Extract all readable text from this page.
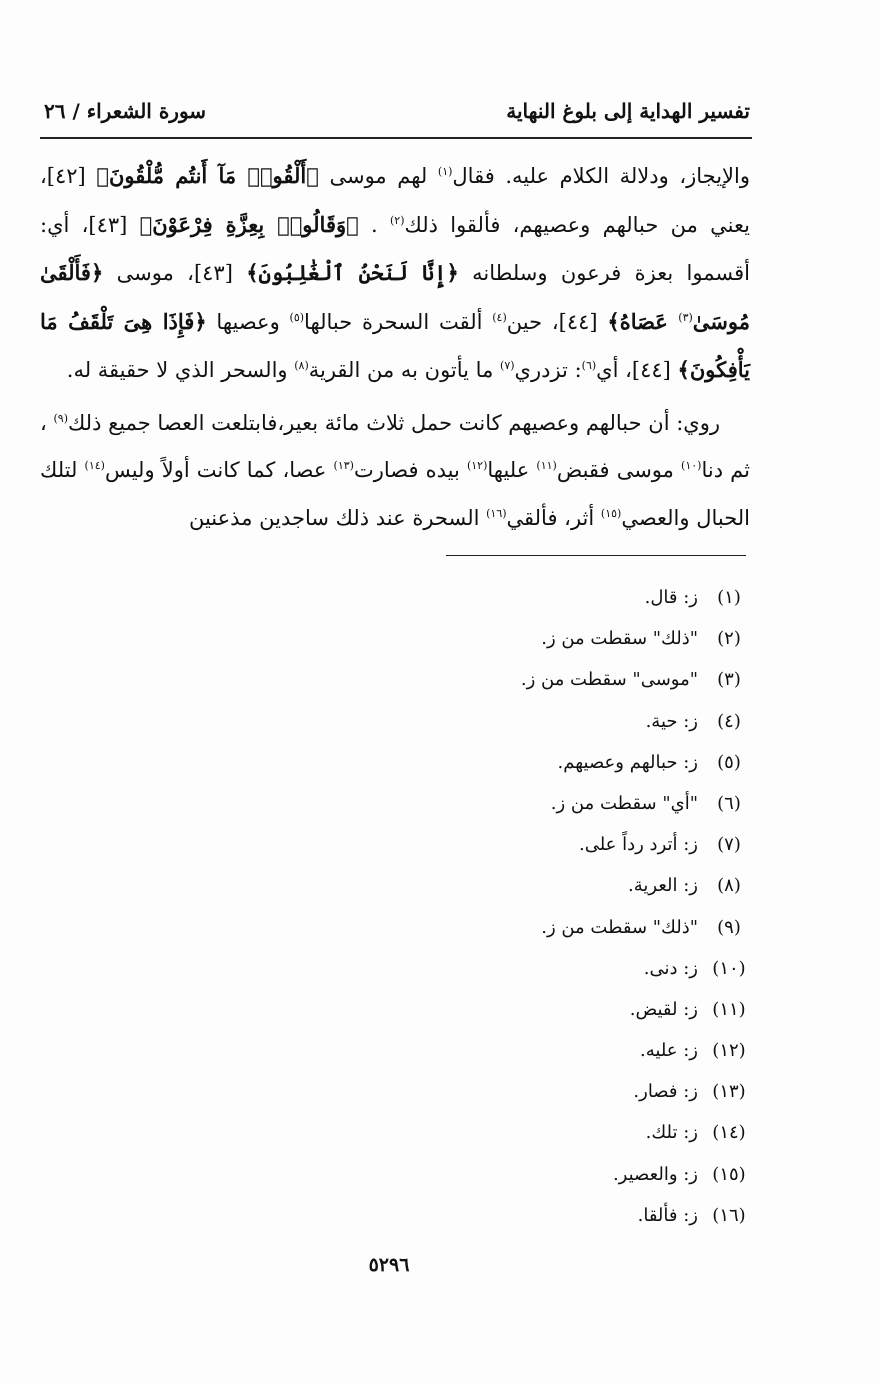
تفسير الهداية إلى بلوغ النهاية
سورة الشعراء / ٢٦

والإيجاز، ودلالة الكلام عليه. فقال$^{(١)}$ لهم موسى ﴿أَلْقُوا۟ مَآ أَنتُم مُّلْقُونَ﴾ [٤٢]، يعني من حبالهم وعصيهم، فألقوا ذلك$^{(٢)}$ . ﴿وَقَالُوا۟ بِعِزَّةِ فِرْعَوْنَ﴾ [٤٣]، أي: أقسموا بعزة فرعون وسلطانه ﴿إِنَّا لَنَحْنُ ٱلْغَٰلِبُونَ﴾ [٤٣]، موسى ﴿فَأَلْقَىٰ مُوسَىٰ$^{(٣)}$ عَصَاهُ﴾ [٤٤]، حين$^{(٤)}$ ألقت السحرة حبالها$^{(٥)}$ وعصيها ﴿فَإِذَا هِىَ تَلْقَفُ مَا يَأْفِكُونَ﴾ [٤٤]، أي$^{(٦)}$: تزدري$^{(٧)}$ ما يأتون به من القرية$^{(٨)}$ والسحر الذي لا حقيقة له.

روي: أن حبالهم وعصيهم كانت حمل ثلاث مائة بعير،فابتلعت العصا جميع ذلك$^{(٩)}$ ، ثم دنا$^{(١٠)}$ موسى فقبض$^{(١١)}$ عليها$^{(١٢)}$ بيده فصارت$^{(١٣)}$ عصا، كما كانت أولاً وليس$^{(١٤)}$ لتلك الحبال والعصي$^{(١٥)}$ أثر، فألقي$^{(١٦)}$ السحرة عند ذلك ساجدين مذعنين

(١)
ز: قال.
(٢)
"ذلك" سقطت من ز.
(٣)
"موسى" سقطت من ز.
(٤)
ز: حية.
(٥)
ز: حبالهم وعصيهم.
(٦)
"أي" سقطت من ز.
(٧)
ز: أترد رداً على.
(٨)
ز: العرية.
(٩)
"ذلك" سقطت من ز.
(١٠)
ز: دنى.
(١١)
ز: لقيض.
(١٢)
ز: عليه.
(١٣)
ز: فصار.
(١٤)
ز: تلك.
(١٥)
ز: والعصير.
(١٦)
ز: فألقا.
٥٢٩٦
